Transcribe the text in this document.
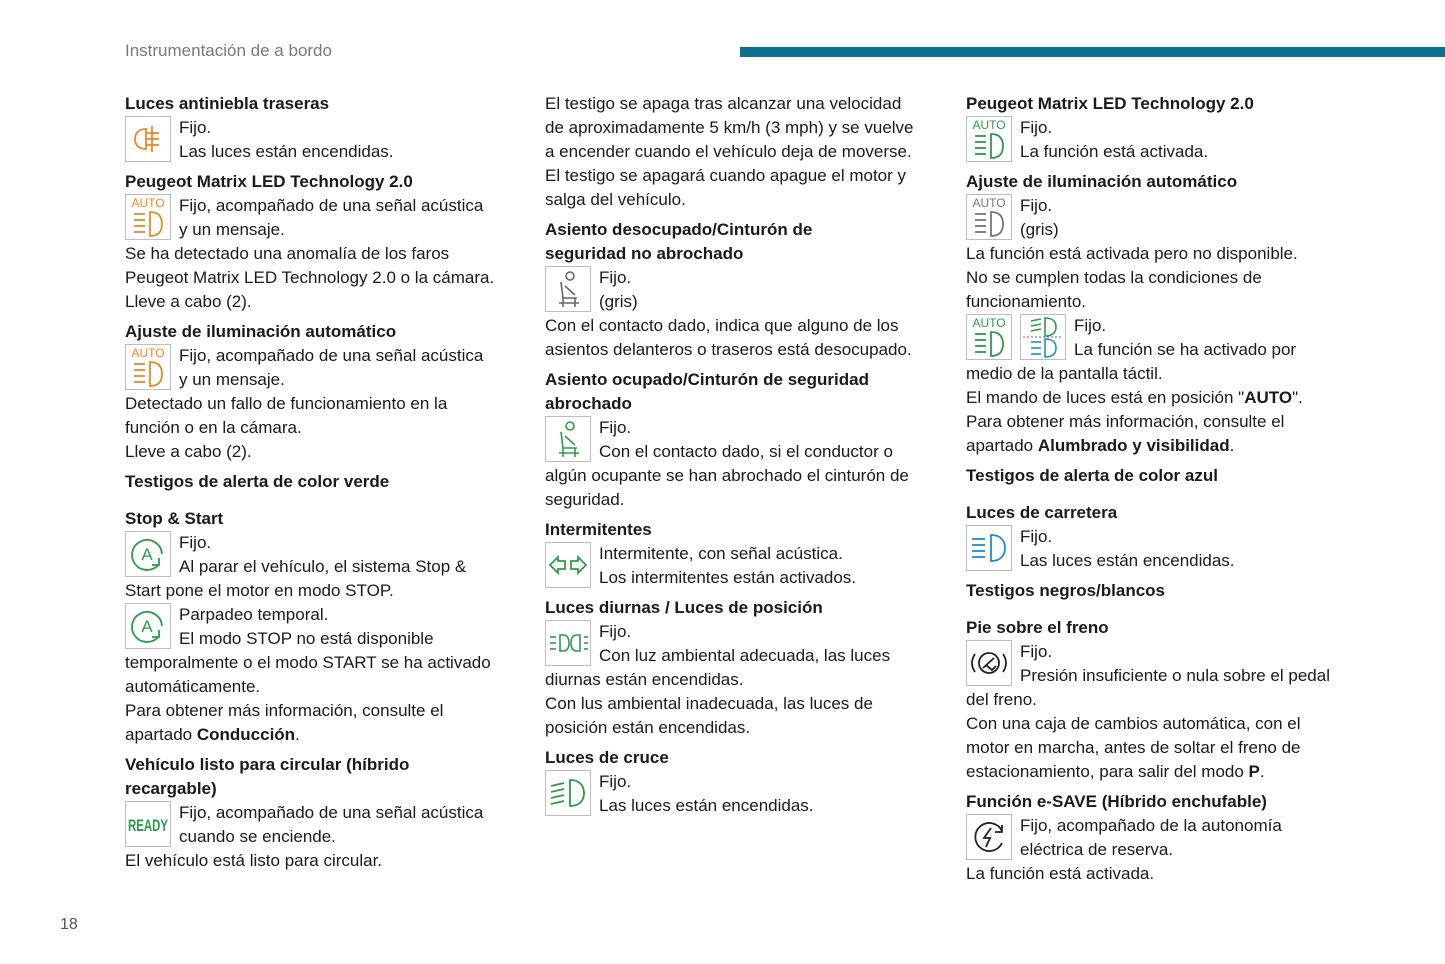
Instrumentación de a bordo
18
Luces antiniebla traseras

Fijo.

Las luces están encendidas.

Peugeot Matrix LED Technology 2.0
AUTO Fijo, acompañado de una señal acústica

y un mensaje.

Se ha detectado una anomalía de los faros

Peugeot Matrix LED Technology 2.0 o la cámara.

Lleve a cabo (2).

Ajuste de iluminación automático
AUTO Fijo, acompañado de una señal acústica

y un mensaje.

Detectado un fallo de funcionamiento en la

función o en la cámara.

Lleve a cabo (2).

Testigos de alerta de color verde
Stop & Start
A

Fijo.

Al parar el vehículo, el sistema Stop &

Start pone el motor en modo STOP.

A

Parpadeo temporal.

El modo STOP no está disponible

temporalmente o el modo START se ha activado

automáticamente.

Para obtener más información, consulte el

apartado Conducción.

Vehículo listo para circular (híbrido
recargable)
READY

Fijo, acompañado de una señal acústica

cuando se enciende.

El vehículo está listo para circular.

El testigo se apaga tras alcanzar una velocidad

de aproximadamente 5 km/h (3 mph) y se vuelve

a encender cuando el vehículo deja de moverse.

El testigo se apagará cuando apague el motor y

salga del vehículo.

Asiento desocupado/Cinturón de
seguridad no abrochado

Fijo.

(gris)

Con el contacto dado, indica que alguno de los

asientos delanteros o traseros está desocupado.

Asiento ocupado/Cinturón de seguridad
abrochado

Fijo.

Con el contacto dado, si el conductor o

algún ocupante se han abrochado el cinturón de

seguridad.

Intermitentes

Intermitente, con señal acústica.

Los intermitentes están activados.

Luces diurnas / Luces de posición

Fijo.

Con luz ambiental adecuada, las luces

diurnas están encendidas.

Con lus ambiental inadecuada, las luces de

posición están encendidas.

Luces de cruce

Fijo.

Las luces están encendidas.

Peugeot Matrix LED Technology 2.0
AUTO Fijo.

La función está activada.

Ajuste de iluminación automático
AUTO Fijo.

(gris)

La función está activada pero no disponible.

No se cumplen todas la condiciones de

funcionamiento.

AUTO	Fijo.

La función se ha activado por

medio de la pantalla táctil.

El mando de luces está en posición "AUTO".

Para obtener más información, consulte el

apartado Alumbrado y visibilidad.

Testigos de alerta de color azul
Luces de carretera

Fijo.

Las luces están encendidas.

Testigos negros/blancos
Pie sobre el freno

Fijo.

Presión insuficiente o nula sobre el pedal

del freno.

Con una caja de cambios automática, con el

motor en marcha, antes de soltar el freno de

estacionamiento, para salir del modo P.

Función e-SAVE (Híbrido enchufable)

Fijo, acompañado de la autonomía

eléctrica de reserva.

La función está activada.
